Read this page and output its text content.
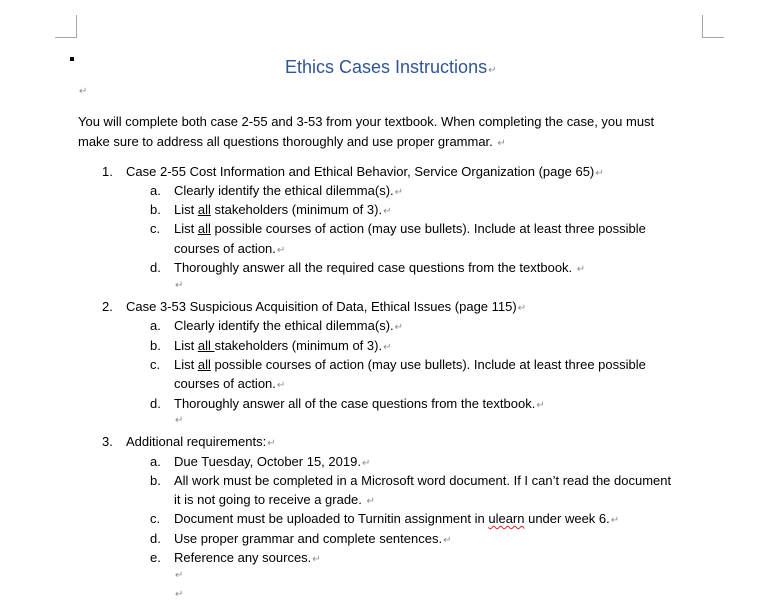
Ethics Cases Instructions↵
↵
You will complete both case 2-55 and 3-53 from your textbook. When completing the case, you must
make sure to address all questions thoroughly and use proper grammar. ↵
1. Case 2-55 Cost Information and Ethical Behavior, Service Organization (page 65)↵
a. Clearly identify the ethical dilemma(s).↵
b. List all stakeholders (minimum of 3).↵
c. List all possible courses of action (may use bullets). Include at least three possible
courses of action.↵
d. Thoroughly answer all the required case questions from the textbook. ↵
↵
2. Case 3-53 Suspicious Acquisition of Data, Ethical Issues (page 115)↵
a. Clearly identify the ethical dilemma(s).↵
b. List all stakeholders (minimum of 3).↵
c. List all possible courses of action (may use bullets). Include at least three possible
courses of action.↵
d. Thoroughly answer all of the case questions from the textbook.↵
↵
3. Additional requirements:↵
a. Due Tuesday, October 15, 2019.↵
b. All work must be completed in a Microsoft word document. If I can’t read the document
it is not going to receive a grade. ↵
c. Document must be uploaded to Turnitin assignment in ulearn under week 6.↵
d. Use proper grammar and complete sentences.↵
e. Reference any sources.↵
↵
↵
